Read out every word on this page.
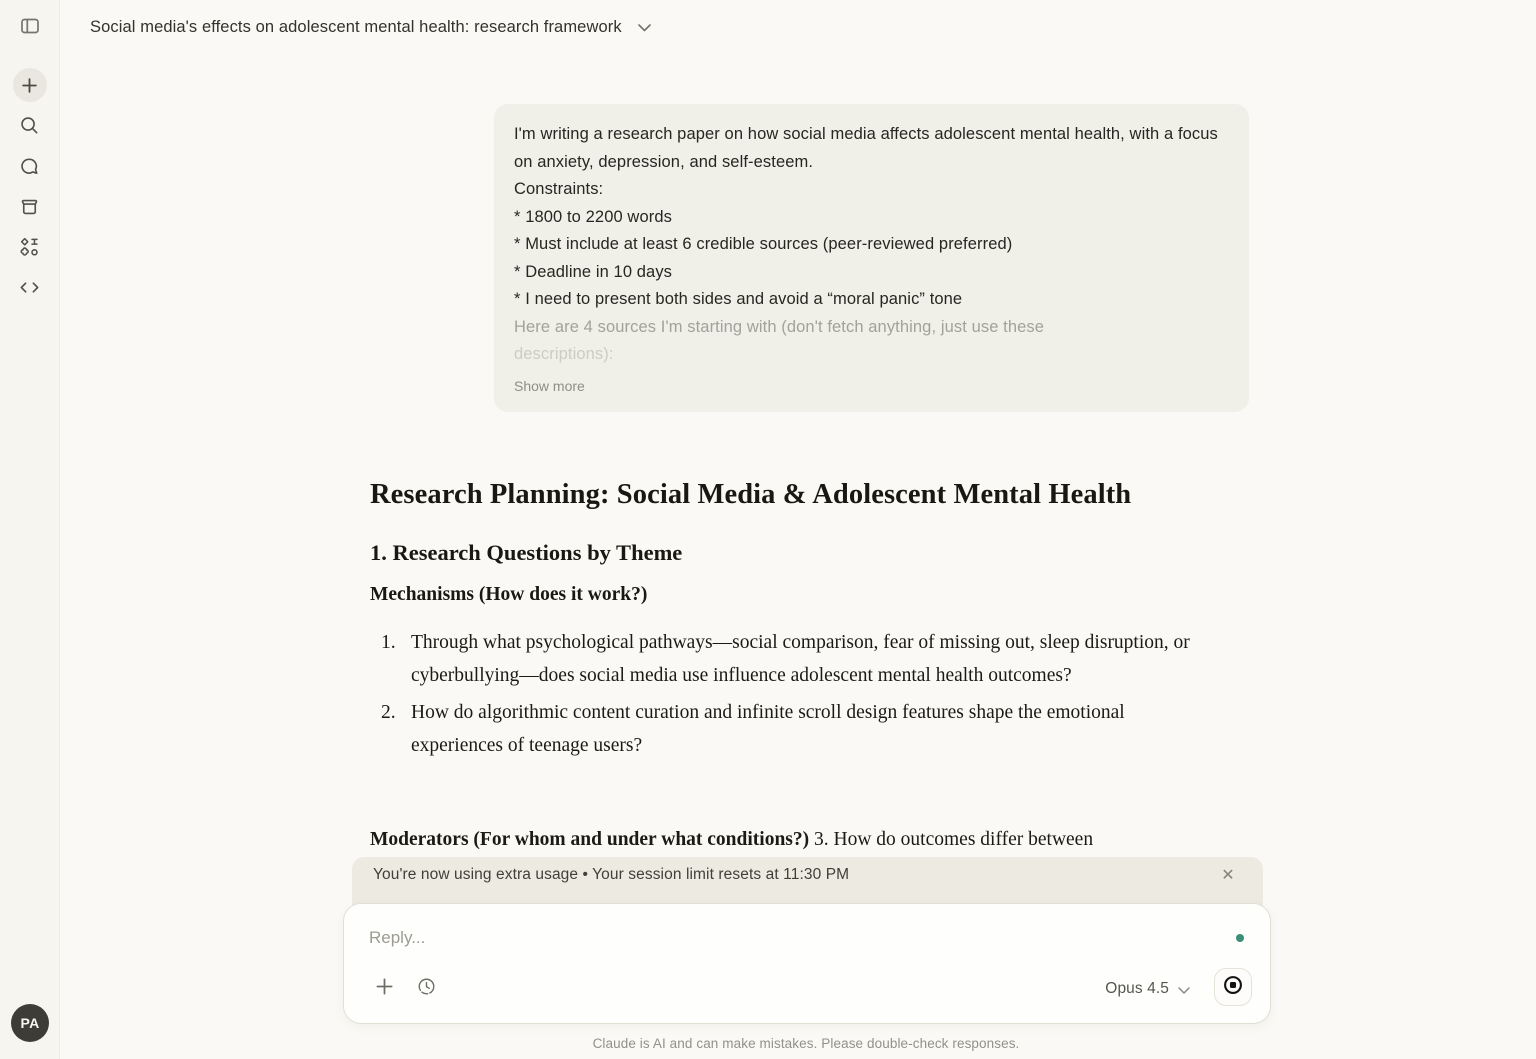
PA
Social media's effects on adolescent mental health: research framework
I'm writing a research paper on how social media affects adolescent mental health, with a focus on anxiety, depression, and self-esteem.
Constraints:
* 1800 to 2200 words
* Must include at least 6 credible sources (peer-reviewed preferred)
* Deadline in 10 days
* I need to present both sides and avoid a “moral panic” tone
Here are 4 sources I'm starting with (don't fetch anything, just use these
descriptions):
Show more
Research Planning: Social Media & Adolescent Mental Health
1. Research Questions by Theme
Mechanisms (How does it work?)
1. Through what psychological pathways—social comparison, fear of missing out, sleep disruption, or cyberbullying—does social media use influence adolescent mental health outcomes?
2. How do algorithmic content curation and infinite scroll design features shape the emotional experiences of teenage users?

Moderators (For whom and under what conditions?) 3. How do outcomes differ between

You're now using extra usage • Your session limit resets at 11:30 PM	✕
Reply...
Opus 4.5
Claude is AI and can make mistakes. Please double-check responses.
